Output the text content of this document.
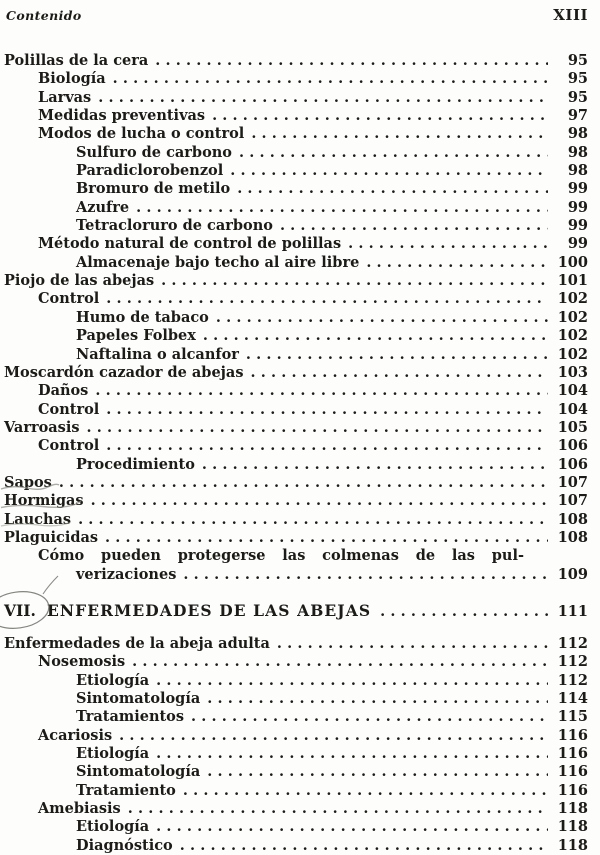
Contenido	XIII
Polillas de la cera .....	95
Biología .....	95
Larvas .....	95
Medidas preventivas .....	97
Modos de lucha o control .....	98
Sulfuro de carbono .....	98
Paradiclorobenzol .....	98
Bromuro de metilo .....	99
Azufre .....	99
Tetracloruro de carbono .....	99
Método natural de control de polillas .....	99
Almacenaje bajo techo al aire libre .....	100
Piojo de las abejas .....	101
Control .....	102
Humo de tabaco .....	102
Papeles Folbex .....	102
Naftalina o alcanfor .....	102
Moscardón cazador de abejas .....	103
Daños .....	104
Control .....	104
Varroasis .....	105
Control .....	106
Procedimiento .....	106
Sapos .....	107
Hormigas .....	107
Lauchas .....	108
Plaguicidas .....	108
Cómo pueden protegerse las colmenas de las pul-
verizaciones .....	109
VII. ENFERMEDADES DE LAS ABEJAS .....	111
Enfermedades de la abeja adulta .....	112
Nosemosis .....	112
Etiología .....	112
Sintomatología .....	114
Tratamientos .....	115
Acariosis .....	116
Etiología .....	116
Sintomatología .....	116
Tratamiento .....	116
Amebiasis .....	118
Etiología .....	118
Diagnóstico .....	118
